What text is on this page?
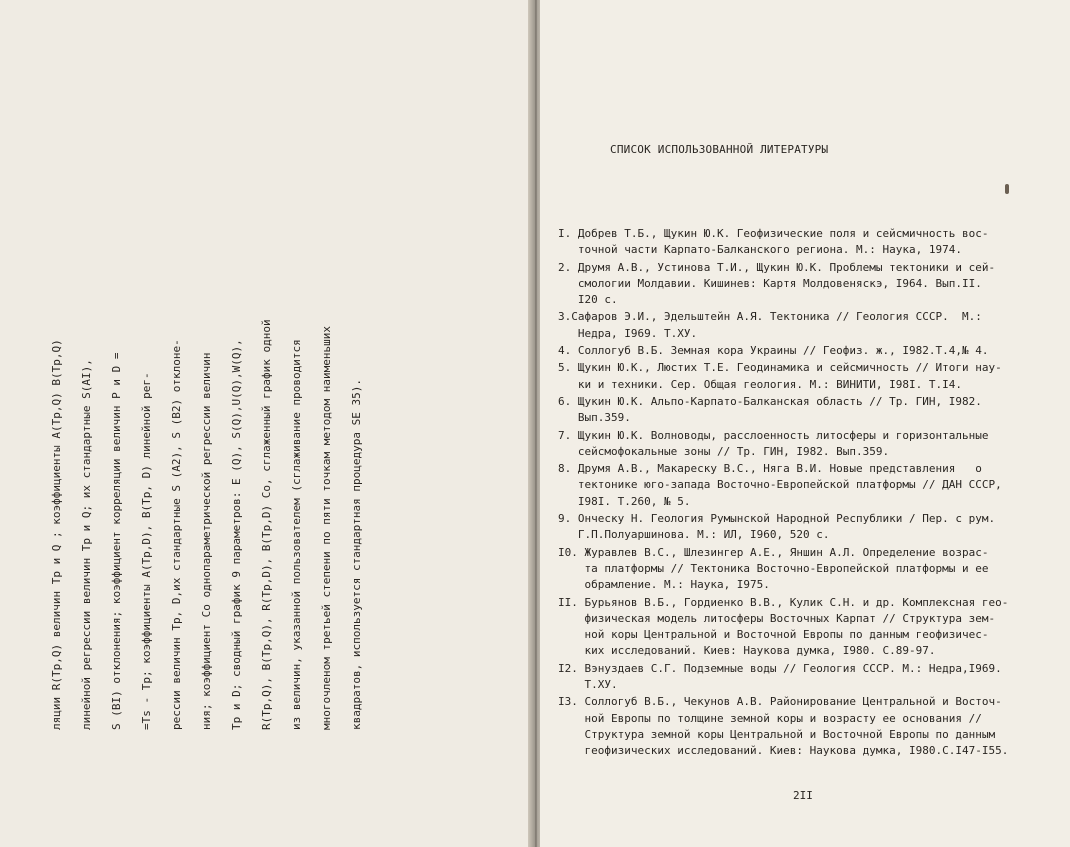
ляции R(Tp,Q) величин Tp и Q ; коэффициенты A(Tp,Q) B(Tp,Q)	линейной регрессии величин Tp и Q; их стандартные S(AI),	S (BI) отклонения; коэффициент корреляции величин P и D =	=Ts - Tp; коэффициенты A(Tp,D), B(Tp, D) линейной рег-	рессии величин Tp, D,их стандартные S (A2), S (B2) отклоне-	ния; коэффициент Co однопараметрической регрессии величин	Tp и D; сводный график 9 параметров: E (Q), S(Q),U(Q),W(Q),	R(Tp,Q), B(Tp,Q), R(Tp,D), B(Tp,D) Co, сглаженный график одной	из величин, указанной пользователем (сглаживание проводится	многочленом третьей степени по пяти точкам методом наименьших	квадратов, используется стандартная процедура SE 35).
СПИСОК ИСПОЛЬЗОВАННОЙ ЛИТЕРАТУРЫ
I. Добрев Т.Б., Щукин Ю.К. Геофизические поля и сейсмичность вос-
точной части Карпато-Балканского региона. М.: Наука, 1974.
2. Друмя А.В., Устинова Т.И., Щукин Ю.К. Проблемы тектоники и сей-
смологии Молдавии. Кишинев: Картя Молдовеняскэ, I964. Вып.II.
I20 с.
3.Сафаров Э.И., Эдельштейн А.Я. Тектоника // Геология СССР.  М.:
Недра, I969. Т.ХУ.
4. Соллогуб В.Б. Земная кора Украины // Геофиз. ж., I982.Т.4,№ 4.
5. Щукин Ю.К., Люстих Т.Е. Геодинамика и сейсмичность // Итоги нау-
ки и техники. Сер. Общая геология. М.: ВИНИТИ, I98I. Т.I4.
6. Щукин Ю.К. Альпо-Карпато-Балканская область // Тр. ГИН, I982.
Вып.359.
7. Щукин Ю.К. Волноводы, расслоенность литосферы и горизонтальные
сейсмофокальные зоны // Тр. ГИН, I982. Вып.359.
8. Друмя А.В., Макареску В.С., Няга В.И. Новые представления   о
тектонике юго-запада Восточно-Европейской платформы // ДАН СССР,
I98I. Т.260, № 5.
9. Онческу Н. Геология Румынской Народной Республики / Пер. с рум.
Г.П.Полуаршинова. М.: ИЛ, I960, 520 с.
I0. Журавлев В.С., Шлезингер А.Е., Яншин А.Л. Определение возрас-
та платформы // Тектоника Восточно-Европейской платформы и ее
обрамление. М.: Наука, I975.
II. Бурьянов В.Б., Гордиенко В.В., Кулик С.Н. и др. Комплексная гео-
физическая модель литосферы Восточных Карпат // Структура зем-
ной коры Центральной и Восточной Европы по данным геофизичес-
ких исследований. Киев: Наукова думка, I980. С.89-97.
I2. Вэнуздаев С.Г. Подземные воды // Геология СССР. М.: Недра,I969.
Т.ХУ.
I3. Соллогуб В.Б., Чекунов А.В. Районирование Центральной и Восточ-
ной Европы по толщине земной коры и возрасту ее основания //
Структура земной коры Центральной и Восточной Европы по данным
геофизических исследований. Киев: Наукова думка, I980.С.I47-I55.
2II
